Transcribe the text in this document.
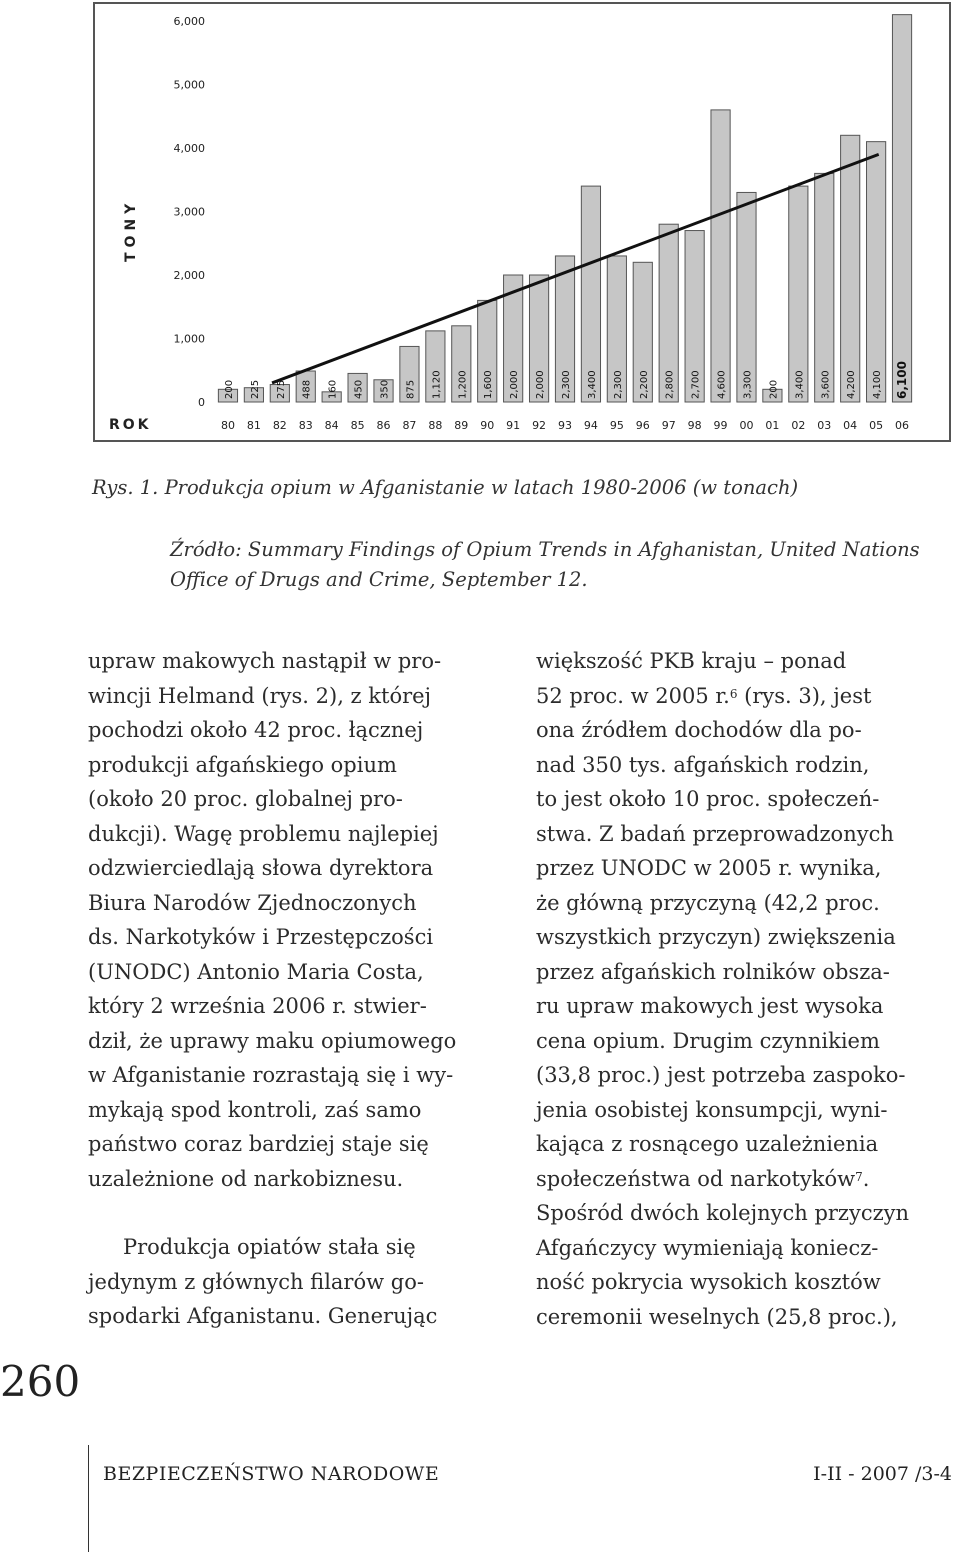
0
1,000
2,000
3,000
4,000
5,000
6,000
TONY
ROK
200
80
225
81
275
82
488
83
160
84
450
85
350
86
875
87
1,120
88
1,200
89
1,600
90
2,000
91
2,000
92
2,300
93
3,400
94
2,300
95
2,200
96
2,800
97
2,700
98
4,600
99
3,300
00
200
01
3,400
02
3,600
03
4,200
04
4,100
05
6,100
06
Rys. 1. Produkcja opium w Afganistanie w latach 1980-2006 (w tonach)
Źródło: Summary Findings of Opium Trends in Afghanistan, United Nations
Office of Drugs and Crime, September 12.
upraw makowych nastąpił w pro-
wincji Helmand (rys. 2), z której
pochodzi około 42 proc. łącznej
produkcji afgańskiego opium
(około 20 proc. globalnej pro-
dukcji). Wagę problemu najlepiej
odzwierciedlają słowa dyrektora
Biura Narodów Zjednoczonych
ds. Narkotyków i Przestępczości
(UNODC) Antonio Maria Costa,
który 2 września 2006 r. stwier-
dził, że uprawy maku opiumowego
w Afganistanie rozrastają się i wy-
mykają spod kontroli, zaś samo
państwo coraz bardziej staje się
uzależnione od narkobiznesu.
Produkcja opiatów stała się
jedynym z głównych filarów go-
spodarki Afganistanu. Generując
większość PKB kraju – ponad
52 proc. w 2005 r.$^6$ (rys. 3), jest
ona źródłem dochodów dla po-
nad 350 tys. afgańskich rodzin,
to jest około 10 proc. społeczeń-
stwa. Z badań przeprowadzonych
przez UNODC w 2005 r. wynika,
że główną przyczyną (42,2 proc.
wszystkich przyczyn) zwiększenia
przez afgańskich rolników obsza-
ru upraw makowych jest wysoka
cena opium. Drugim czynnikiem
(33,8 proc.) jest potrzeba zaspoko-
jenia osobistej konsumpcji, wyni-
kająca z rosnącego uzależnienia
społeczeństwa od narkotyków$^7$.
Spośród dwóch kolejnych przyczyn
Afgańczycy wymieniają koniecz-
ność pokrycia wysokich kosztów
ceremonii weselnych (25,8 proc.),
260
BEZPIECZEŃSTWO NARODOWE	I-II - 2007 /3-4
